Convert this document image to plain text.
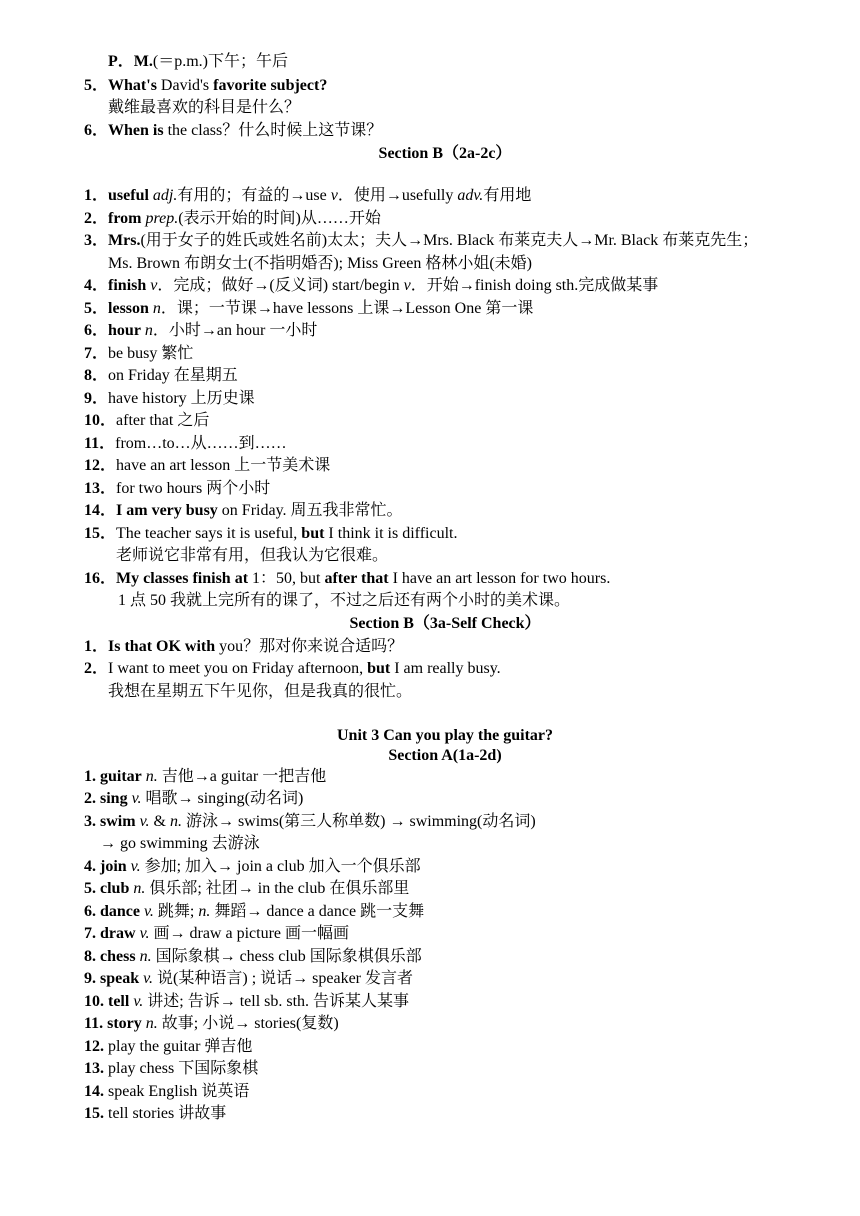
P．M.(＝p.m.)下午；午后
5．What's David's favorite subject?
戴维最喜欢的科目是什么？
6．When is the class？什么时候上这节课？
Section B（2a-2c）
1．useful adj.有用的；有益的→use v．使用→usefully adv.有用地
2．from prep.(表示开始的时间)从……开始
3．Mrs.(用于女子的姓氏或姓名前)太太；夫人→Mrs. Black 布莱克夫人→Mr. Black 布莱克先生；
Ms. Brown 布朗女士(不指明婚否); Miss Green 格林小姐(未婚)
4．finish v．完成；做好→(反义词) start/begin v．开始→finish doing sth.完成做某事
5．lesson n．课；一节课→have lessons 上课→Lesson One 第一课
6．hour n．小时→an hour 一小时
7．be busy 繁忙
8．on Friday 在星期五
9．have history 上历史课
10．after that 之后
11．from…to…从……到……
12．have an art lesson 上一节美术课
13．for two hours 两个小时
14．I am very busy on Friday. 周五我非常忙。
15．The teacher says it is useful, but I think it is difficult.
老师说它非常有用，但我认为它很难。
16．My classes finish at 1：50, but after that I have an art lesson for two hours.
1 点 50 我就上完所有的课了，不过之后还有两个小时的美术课。
Section B（3a-Self Check）
1．Is that OK with you？那对你来说合适吗？
2．I want to meet you on Friday afternoon, but I am really busy.
我想在星期五下午见你，但是我真的很忙。
Unit 3 Can you play the guitar?
Section A(1a-2d)
1. guitar n. 吉他→a guitar 一把吉他
2. sing v. 唱歌→ singing(动名词)
3. swim v. & n. 游泳→ swims(第三人称单数) → swimming(动名词)
→ go swimming 去游泳
4. join v. 参加; 加入→ join a club 加入一个俱乐部
5. club n. 俱乐部; 社团→ in the club 在俱乐部里
6. dance v. 跳舞; n. 舞蹈→ dance a dance 跳一支舞
7. draw v. 画→ draw a picture 画一幅画
8. chess n. 国际象棋→ chess club 国际象棋俱乐部
9. speak v. 说(某种语言) ; 说话→ speaker 发言者
10. tell v. 讲述; 告诉→ tell sb. sth. 告诉某人某事
11. story n. 故事; 小说→ stories(复数)
12. play the guitar 弹吉他
13. play chess 下国际象棋
14. speak English 说英语
15. tell stories 讲故事
